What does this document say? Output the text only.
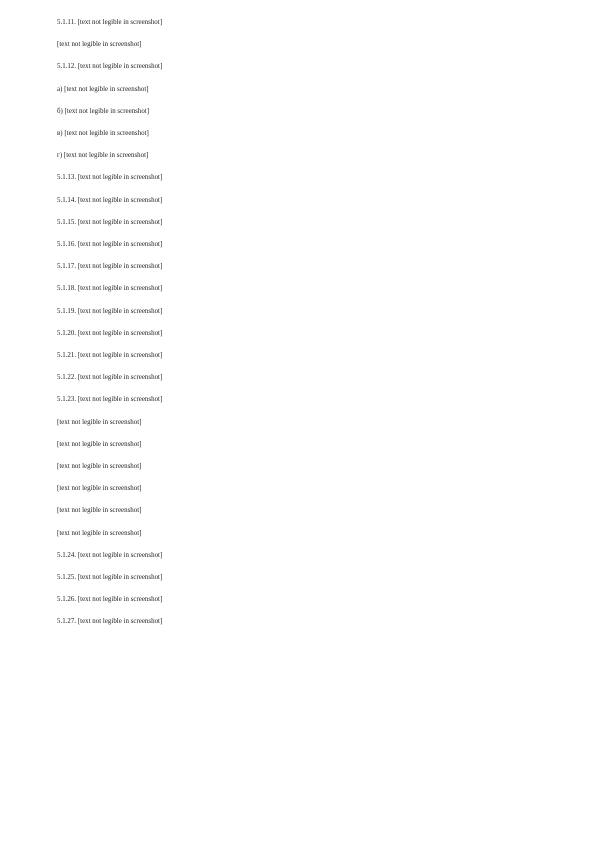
5.1.11. [text not legible in screenshot]

[text not legible in screenshot]

5.1.12. [text not legible in screenshot]

а) [text not legible in screenshot]

б) [text not legible in screenshot]

в) [text not legible in screenshot]

г) [text not legible in screenshot]

5.1.13. [text not legible in screenshot]

5.1.14. [text not legible in screenshot]

5.1.15. [text not legible in screenshot]

5.1.16. [text not legible in screenshot]

5.1.17. [text not legible in screenshot]

5.1.18. [text not legible in screenshot]

5.1.19. [text not legible in screenshot]

5.1.20. [text not legible in screenshot]

5.1.21. [text not legible in screenshot]

5.1.22. [text not legible in screenshot]

5.1.23. [text not legible in screenshot]

[text not legible in screenshot]

[text not legible in screenshot]

[text not legible in screenshot]

[text not legible in screenshot]

[text not legible in screenshot]

[text not legible in screenshot]

5.1.24. [text not legible in screenshot]

5.1.25. [text not legible in screenshot]

5.1.26. [text not legible in screenshot]

5.1.27. [text not legible in screenshot]
